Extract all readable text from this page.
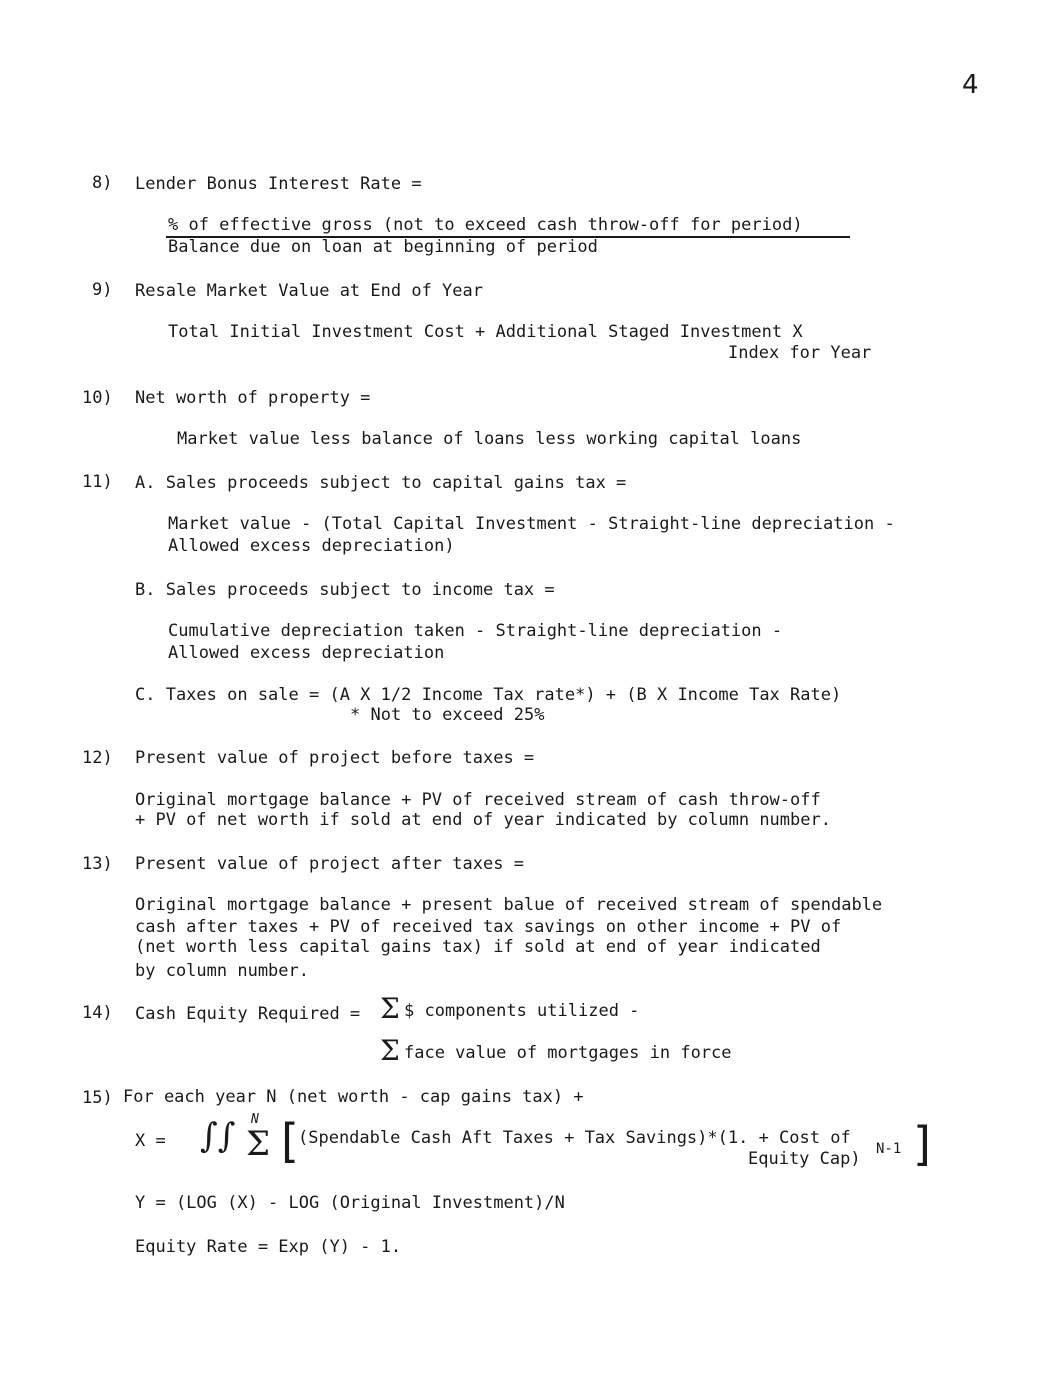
4
8) Lender Bonus Interest Rate =
% of effective gross (not to exceed cash throw-off for period)
Balance due on loan at beginning of period
9) Resale Market Value at End of Year
Total Initial Investment Cost + Additional Staged Investment X
Index for Year
10) Net worth of property =
Market value less balance of loans less working capital loans
11) A. Sales proceeds subject to capital gains tax =
Market value - (Total Capital Investment - Straight-line depreciation -
Allowed excess depreciation)
B. Sales proceeds subject to income tax =
Cumulative depreciation taken - Straight-line depreciation -
Allowed excess depreciation
C. Taxes on sale = (A X 1/2 Income Tax rate*) + (B X Income Tax Rate)
* Not to exceed 25%
12) Present value of project before taxes =
Original mortgage balance + PV of received stream of cash throw-off
+ PV of net worth if sold at end of year indicated by column number.
13) Present value of project after taxes =
Original mortgage balance + present balue of received stream of spendable
cash after taxes + PV of received tax savings on other income + PV of
(net worth less capital gains tax) if sold at end of year indicated
by column number.
14) Cash Equity Required = Σ $ components utilized -
Σ face value of mortgages in force
15) For each year N (net worth - cap gains tax) +
X = ∫∫ N
Σ [ (Spendable Cash Aft Taxes + Tax Savings)*(1. + Cost of
Equity Cap) N-1 ]
Y = (LOG (X) - LOG (Original Investment)/N
Equity Rate = Exp (Y) - 1.
